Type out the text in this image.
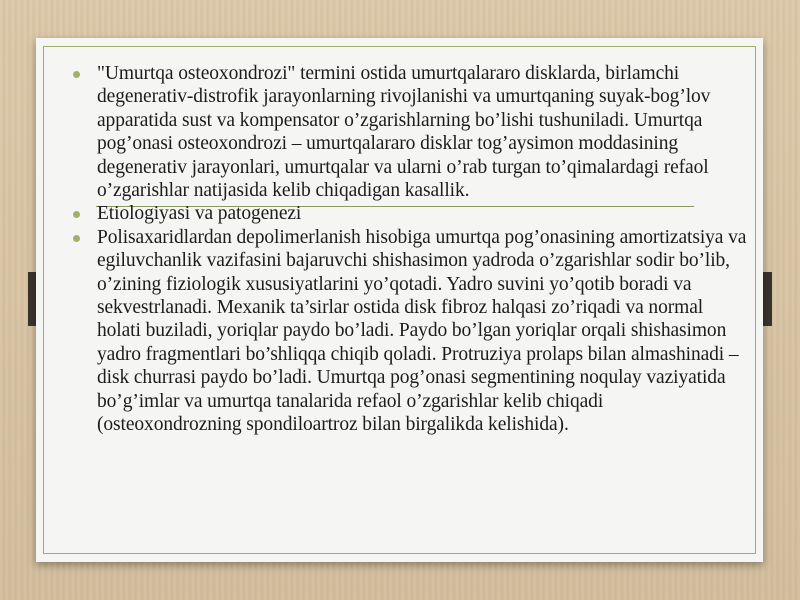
"Umurtqa osteoxondrozi" termini ostida umurtqalararo disklarda, birlamchi degenerativ-distrofik jarayonlarning rivojlanishi va umurtqaning suyak-bog’lov apparatida sust va kompensator o’zgarishlarning bo’lishi tushuniladi. Umurtqa pog’onasi osteoxondrozi – umurtqalararo disklar tog’aysimon moddasining degenerativ jarayonlari, umurtqalar va ularni o’rab turgan to’qimalardagi refaol o’zgarishlar natijasida kelib chiqadigan kasallik.
Etiologiyasi va patogenezi
Polisaxaridlardan depolimerlanish hisobiga umurtqa pog’onasining amortizatsiya va egiluvchanlik vazifasini bajaruvchi shishasimon yadroda o’zgarishlar sodir bo’lib, o’zining fiziologik xususiyatlarini yo’qotadi. Yadro suvini yo’qotib boradi va sekvestrlanadi. Mexanik ta’sirlar ostida disk fibroz halqasi zo’riqadi va normal holati buziladi, yoriqlar paydo bo’ladi. Paydo bo’lgan yoriqlar orqali shishasimon yadro fragmentlari bo’shliqqa chiqib qoladi. Protruziya prolaps bilan almashinadi – disk churrasi paydo bo’ladi. Umurtqa pog’onasi segmentining noqulay vaziyatida bo’g’imlar va umurtqa tanalarida refaol o’zgarishlar kelib chiqadi (osteoxondrozning spondiloartroz bilan birgalikda kelishida).
